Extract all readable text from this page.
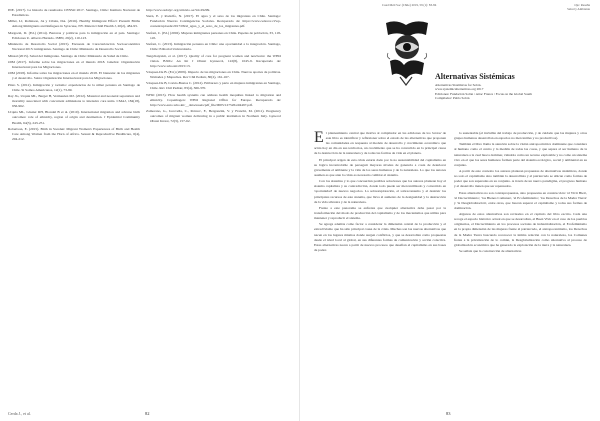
INE. (2017). La historia de resultados CENSO 2017. Santiago, Chile: Instituto Nacional de Estadísticas.

Miller, LJ, Robinson, JA y Cibula, DA. (2016). Healthy Immigrant Effect: Preterm Births Among Immigrants and Refugees in Syracuse, NY. Matern Child Health J, 20(2), 484-93.

Margozzi, D. (Ed.) (2014). Barreras y políticas para la inmigración en el país. Santiago: Ediciones U. Alberto Hurtado. ISBN, 29(2), 110-123.

Ministerio de Desarrollo Social (2015). Encuesta de Caracterización Socioeconómica Nacional 2015: inmigrantes. Santiago de Chile: Ministerio de Desarrollo Social.

Minsal (2015). Salud del Inmigrante. Santiago de Chile: Ministerio de Salud de Chile.

OIM (2017). Informe sobre las migraciones en el mundo 2018. Ginebra: Organización Internacional para las Migraciones.

OIM (2018). Informe sobre las migraciones en el mundo 2018. El bienestar de los migrantes y el desarrollo. Suiza: Organización Internacional para las Migraciones.

Pinto S. (2012). Inmigración y racismo: experiencias de la niñez peruana en Santiago de Chile. Sí Somos Americanos, 12(1), 73-99.

Ray JG, Urquia ML, Berger H, Vermeulen MJ. (2012). Maternal and neonatal separation and mortality associated with concurrent admissions to intensive care units. CMAJ, 184(18), 956-962.

Urquia ML, Glazier RH, Blondel B et al. (2010). International migration and adverse birth outcomes: role of ethnicity, region of origin and destination. J Epidemiol Community Health, 64(3), 243-251.

Robertson, E. (2015). Birth in Sweden: Migrant Women's Experiences of Birth and Health Care Among Women from the Horn of Africa. Sexual & Reproductive Healthcare, 6(4), 204-212.

http://www.redalyc.org/articulo.oa?id=29299.

Stern, E. y Rodolfo, N. (2017). El agua y el sexo de los migrantes en Chile. Santiago: Fundación Nuevas Contingencias Sociales. Recuperado de: https://www.cedecor.cl/wp-content/uploads/2017/08/el_agua_y_el_sexo_de_los_migrantes.pdf.

Stefoni, C. (Ed.) (2002). Mujeres inmigrantes peruanas en Chile. Papeles de población, 33, 118-145.

Stefoni, C. (2013). Inmigración peruana en Chile: una oportunidad a la integración. Santiago, Chile: Editorial Universitaria.

Tangchaiyakit, et al. (2017). Quality of care for pregnant women and newborns: the WHO vision. BJOG: An Int J Obstet Gynaecol, 122(8), 1045-9. Recuperado de: http://www.who.int/2015/13.

Vásquez-De B. (Ed.) (2009). Impacto de las migraciones en Chile. Nuevos aportes de políticas. Nómades y Mapuches. Rev Chil Pediatr, 80(2), 161-167.

Vásquez-De B, Cortés-Bustos C. (2012). Embarazo y parto en mujeres inmigrantes en Santiago, Chile. Rev Chil Pediatr, 83(4), 366-370.

WHO (2015). How health systems can address health inequities linked to migration and ethnicity. Copenhagen: WHO Regional Office for Europe. Recuperado de: http://www.euro.who.int/__data/assets/pdf_file/0005/127526/e94497.pdf.

Zamorano, G., Iacovella, C., Petrucc, F., Bergonzini, V. y Franchi, M. (2011). Pregnancy outcomes of migrant women delivering in a public institution in Northern Italy. Gynecol Obstet Invest, 72(3), 157-62.

Cerda J., et al.	82
Cuad Méd Soc (Chile) 2019, 59 (1): 83-84	Ojo: Reseña
Salud y Ambiente
Alternativas Sistémicas
Alternativas Sistémicas for Solón.
www.systemicalternatives.org 2017
Ediciones: Fundación Solón / Attac France / Focus on the Global South
Compilador: Pablo Solón

El planteamiento central que motiva al compilador en las ediciones de los 'textos' de este libro es identificar y reflexionar sobre el estado de las alternativas que proponen las comunidades en respuesta al modelo de desarrollo y crecimiento económico que actúa hoy en día en sus territorios, un crecimiento que se ha convertido en la principal causa de la destrucción de la naturaleza y de todas las formas de vida en el planeta.

El principal origen de esta crisis estaría dado por la no sustentabilidad del capitalismo en su lógica incontrolable de perseguir mayores niveles de ganancia a costa de deteriorar gravemente el ambiente y la vida de los seres humanos y de la naturaleza. Lo que los autores asumen es que ante la crisis es necesario cambiar el sistema.

Con los sistemas y lo que concuerdan posibles soluciones que los autores plantean hoy el sistema capitalista y su contradicción, donde todo puede ser mercantilizado y convertido en 'oportunidad' de nuevos negocios. La sobreexplotación, el sobreconsumo y el destruir los principales recursos de este sistema, que lleva al aumento de la desigualdad y la destrucción de la vida silvestre y de la naturaleza.

Frente a este panorama se enfrenta que cualquier alternativa debe pasar por la transformación del modo de producción del capitalismo y de los mecanismos que utiliza para mantener y reproducir el sistema.

Se agrega además como factor a considerar la dimensión central de la producción y el extractivismo que ha sido principal causa de la crisis. Muchas son las nuevas alternativas que nacen en los lugares mismos donde surgen conflictos, y que se desarrollan como propuestas desde el nivel local al global, en sus diferentes formas de comunicación y acción colectiva. Estas alternativas nacen a partir de nuevos procesos que desafían el capitalismo en sus bases de poder.

lo sustentable (el invisible del trabajo de producción, y de cuidado que las mujeres y otros grupos humanos desarrollan en espacios no mercantiles y no productivos).

También el libro llama la atención sobre la visión antropocéntrica dominante que considera al humano como el centro y la medida de todas las cosas, y que separa al ser humano de la naturaleza a la cual busca dominar, viéndola como un recurso explotable y no como un sistema vivo en el que los seres humanos forman parte del sistema ecológico, social y ambiental en su conjunto.

A partir de este contexto los autores plantean propuestas de alternativas sistémicas, donde no solo el capitalismo sino también la desarrollista y el patriarcado se ubican como formas de poder que son superadas en su conjunto. A través de un nuevo paradigma, el progreso humano y el desarrollo tienen que ser repensados.

Estas alternativas no son contrapropuestas, sino propuestas en construcción: 'el Vivir Bien', 'el Decrecimiento', 'los Bienes Comunes', 'el Ecofeminismo', 'los Derechos de la Madre Tierra' y 'la Desglobalización', entre otras, que buscan superar el capitalismo y todas sus formas de dominación.

Algunos de estos alternativas son revisados en el capítulo del libro escrito. Cada una recoge el espacio histórico actual en que se desarrollan, el Buen Vivir en el caso de los pueblos originarios, el Decrecimiento en los procesos sociales de industrialización, el Ecofeminismo en la propia dimensión de las mujeres frente al patriarcado, el antropocentrismo, los Derechos de la Madre Tierra buscando reconocer la íntima relación con la naturaleza, los Comunes frente a la privatización de lo común, la Desglobalización como alternativa al proceso de globalización económica que ha generado la explotación de la tierra y la naturaleza.

Se señala que la construcción de alternativas

83
